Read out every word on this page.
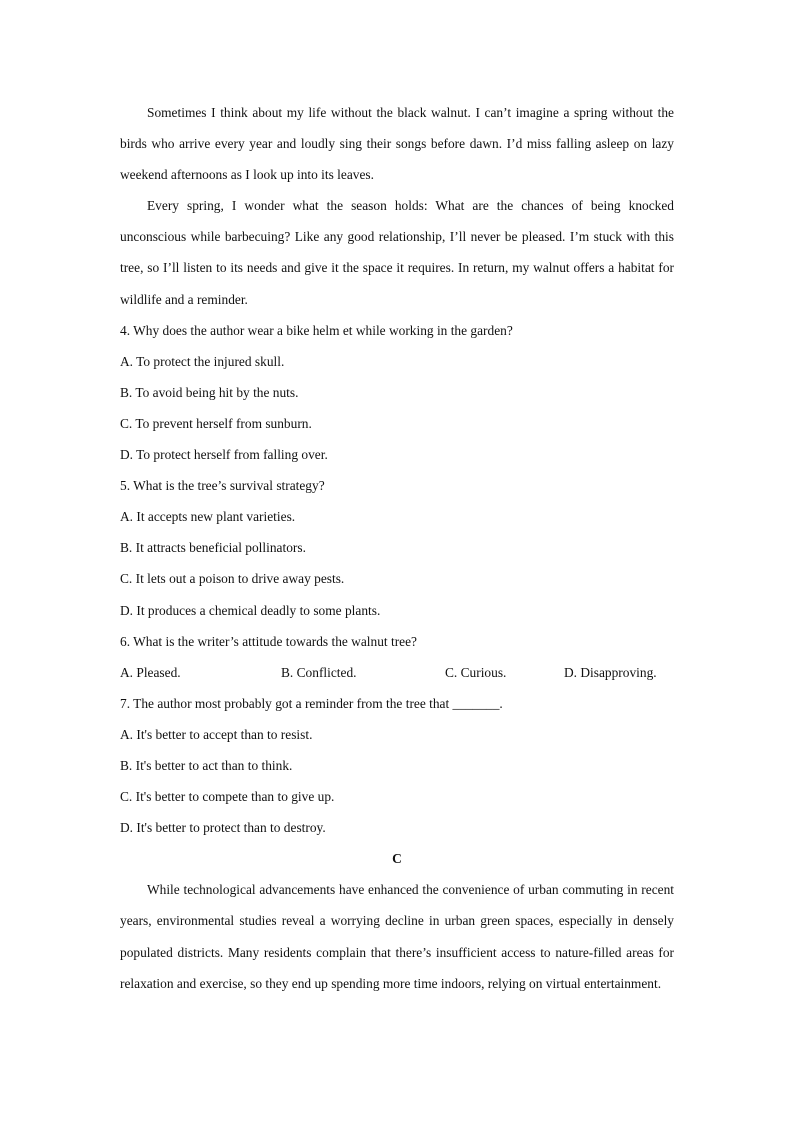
Sometimes I think about my life without the black walnut. I can’t imagine a spring without the birds who arrive every year and loudly sing their songs before dawn. I’d miss falling asleep on lazy weekend afternoons as I look up into its leaves.

Every spring, I wonder what the season holds: What are the chances of being knocked unconscious while barbecuing? Like any good relationship, I’ll never be pleased. I’m stuck with this tree, so I’ll listen to its needs and give it the space it requires. In return, my walnut offers a habitat for wildlife and a reminder.

4. Why does the author wear a bike helm et while working in the garden?

A. To protect the injured skull.

B. To avoid being hit by the nuts.

C. To prevent herself from sunburn.

D. To protect herself from falling over.

5. What is the tree’s survival strategy?

A. It accepts new plant varieties.

B. It attracts beneficial pollinators.

C. It lets out a poison to drive away pests.

D. It produces a chemical deadly to some plants.

6. What is the writer’s attitude towards the walnut tree?

A. Pleased.	B. Conflicted.	C. Curious.	D. Disapproving.

7. The author most probably got a reminder from the tree that _______.

A. It's better to accept than to resist.

B. It's better to act than to think.

C. It's better to compete than to give up.

D. It's better to protect than to destroy.

C

While technological advancements have enhanced the convenience of urban commuting in recent years, environmental studies reveal a worrying decline in urban green spaces, especially in densely populated districts. Many residents complain that there’s insufficient access to nature-filled areas for relaxation and exercise, so they end up spending more time indoors, relying on virtual entertainment.
